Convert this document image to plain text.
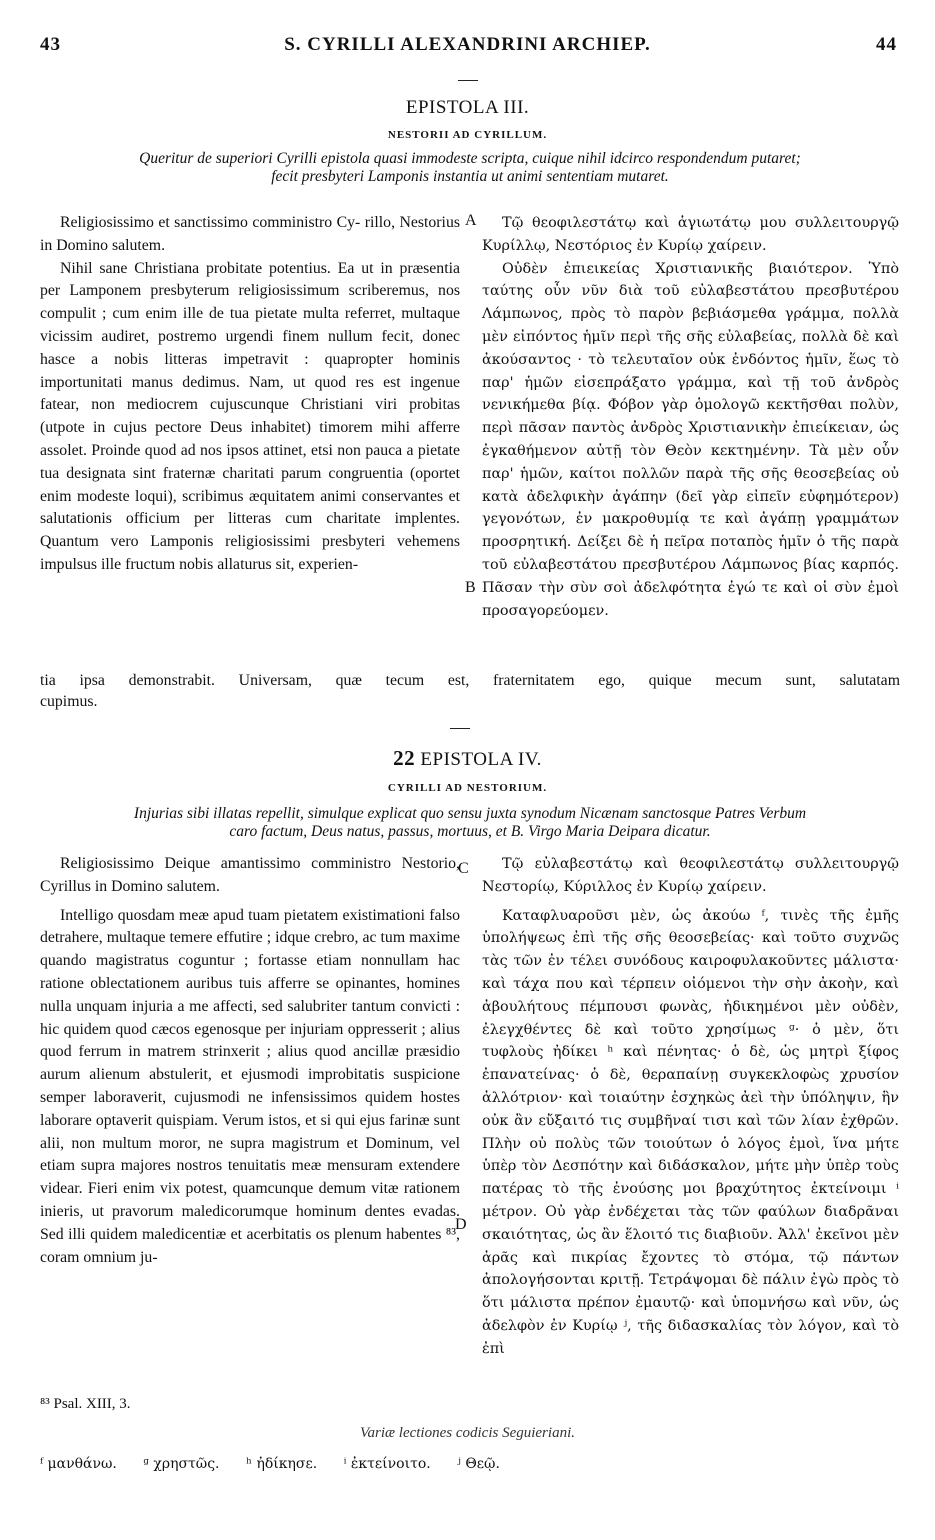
43	S. CYRILLI ALEXANDRINI ARCHIEP.	44
EPISTOLA III.
NESTORII AD CYRILLUM.
Queritur de superiori Cyrilli epistola quasi immodeste scripta, cuique nihil idcirco respondendum putaret;
fecit presbyteri Lamponis instantia ut animi sententiam mutaret.

Religiosissimo et sanctissimo comministro Cy- rillo, Nestorius in Domino salutem.

Nihil sane Christiana probitate potentius. Ea ut in præsentia per Lamponem presbyterum religiosissimum scriberemus, nos compulit ; cum enim ille de tua pietate multa referret, multaque vicissim audiret, postremo urgendi finem nullum fecit, donec hasce a nobis litteras impetravit : quapropter hominis importunitati manus dedimus. Nam, ut quod res est ingenue fatear, non mediocrem cujuscunque Christiani viri probitas (utpote in cujus pectore Deus inhabitet) timorem mihi afferre assolet. Proinde quod ad nos ipsos attinet, etsi non pauca a pietate tua designata sint fraternæ charitati parum congruentia (oportet enim modeste loqui), scribimus æquitatem animi conservantes et salutationis officium per litteras cum charitate implentes. Quantum vero Lamponis religiosissimi presbyteri vehemens impulsus ille fructum nobis allaturus sit, experien-

A
B

Τῷ θεοφιλεστάτῳ καὶ ἁγιωτάτῳ μου συλλειτουργῷ Κυρίλλῳ, Νεστόριος ἐν Κυρίῳ χαίρειν.

Οὐδὲν ἐπιεικείας Χριστιανικῆς βιαιότερον. Ὑπὸ ταύτης οὖν νῦν διὰ τοῦ εὐλαβεστάτου πρεσβυτέρου Λάμπωνος, πρὸς τὸ παρὸν βεβιάσμεθα γράμμα, πολλὰ μὲν εἰπόντος ἡμῖν περὶ τῆς σῆς εὐλαβείας, πολλὰ δὲ καὶ ἀκούσαντος · τὸ τελευταῖον οὐκ ἐνδόντος ἡμῖν, ἕως τὸ παρ' ἡμῶν εἰσεπράξατο γράμμα, καὶ τῇ τοῦ ἀνδρὸς νενικήμεθα βίᾳ. Φόβον γὰρ ὁμολογῶ κεκτῆσθαι πολὺν, περὶ πᾶσαν παντὸς ἀνδρὸς Χριστιανικὴν ἐπιείκειαν, ὡς ἐγκαθήμενον αὐτῇ τὸν Θεὸν κεκτημένην. Τὰ μὲν οὖν παρ' ἡμῶν, καίτοι πολλῶν παρὰ τῆς σῆς θεοσεβείας οὐ κατὰ ἀδελφικὴν ἀγάπην (δεῖ γὰρ εἰπεῖν εὐφημότερον) γεγονότων, ἐν μακροθυμίᾳ τε καὶ ἀγάπῃ γραμμάτων προσρητική. Δείξει δὲ ἡ πεῖρα ποταπὸς ἡμῖν ὁ τῆς παρὰ τοῦ εὐλαβεστάτου πρεσβυτέρου Λάμπωνος βίας καρπός. Πᾶσαν τὴν σὺν σοὶ ἀδελφότητα ἐγώ τε καὶ οἱ σὺν ἐμοὶ προσαγορεύομεν.

tia ipsa demonstrabit. Universam, quæ tecum est, fraternitatem ego, quique mecum sunt, salutatam
cupimus.
22 EPISTOLA IV.
CYRILLI AD NESTORIUM.
Injurias sibi illatas repellit, simulque explicat quo sensu juxta synodum Nicænam sanctosque Patres Verbum
caro factum, Deus natus, passus, mortuus, et B. Virgo Maria Deipara dicatur.

Religiosissimo Deique amantissimo comministro Nestorio, Cyrillus in Domino salutem.

Intelligo quosdam meæ apud tuam pietatem existimationi falso detrahere, multaque temere effutire ; idque crebro, ac tum maxime quando magistratus coguntur ; fortasse etiam nonnullam hac ratione oblectationem auribus tuis afferre se opinantes, homines nulla unquam injuria a me affecti, sed salubriter tantum convicti : hic quidem quod cæcos egenosque per injuriam oppresserit ; alius quod ferrum in matrem strinxerit ; alius quod ancillæ præsidio aurum alienum abstulerit, et ejusmodi improbitatis suspicione semper laboraverit, cujusmodi ne infensissimos quidem hostes laborare optaverit quispiam. Verum istos, et si qui ejus farinæ sunt alii, non multum moror, ne supra magistrum et Dominum, vel etiam supra majores nostros tenuitatis meæ mensuram extendere videar. Fieri enim vix potest, quamcunque demum vitæ rationem inieris, ut pravorum maledicorumque hominum dentes evadas. Sed illi quidem maledicentiæ et acerbitatis os plenum habentes ⁸³, coram omnium ju-

C
D

Τῷ εὐλαβεστάτῳ καὶ θεοφιλεστάτῳ συλλειτουργῷ Νεστορίῳ, Κύριλλος ἐν Κυρίῳ χαίρειν.

Καταφλυαροῦσι μὲν, ὡς ἀκούω ᶠ, τινὲς τῆς ἐμῆς ὑπολήψεως ἐπὶ τῆς σῆς θεοσεβείας· καὶ τοῦτο συχνῶς τὰς τῶν ἐν τέλει συνόδους καιροφυλακοῦντες μάλιστα· καὶ τάχα που καὶ τέρπειν οἰόμενοι τὴν σὴν ἀκοὴν, καὶ ἀβουλήτους πέμπουσι φωνὰς, ἠδικημένοι μὲν οὐδὲν, ἐλεγχθέντες δὲ καὶ τοῦτο χρησίμως ᵍ· ὁ μὲν, ὅτι τυφλοὺς ἠδίκει ʰ καὶ πένητας· ὁ δὲ, ὡς μητρὶ ξίφος ἐπανατείνας· ὁ δὲ, θεραπαίνῃ συγκεκλοφὼς χρυσίον ἀλλότριον· καὶ τοιαύτην ἐσχηκὼς ἀεὶ τὴν ὑπόληψιν, ἣν οὐκ ἂν εὔξαιτό τις συμβῆναί τισι καὶ τῶν λίαν ἐχθρῶν. Πλὴν οὐ πολὺς τῶν τοιούτων ὁ λόγος ἐμοὶ, ἵνα μήτε ὑπὲρ τὸν Δεσπότην καὶ διδάσκαλον, μήτε μὴν ὑπὲρ τοὺς πατέρας τὸ τῆς ἐνούσης μοι βραχύτητος ἐκτείνοιμι ⁱ μέτρον. Οὐ γὰρ ἐνδέχεται τὰς τῶν φαύλων διαδρᾶναι σκαιότητας, ὡς ἂν ἕλοιτό τις διαβιοῦν. Ἀλλ' ἐκεῖνοι μὲν ἀρᾶς καὶ πικρίας ἔχοντες τὸ στόμα, τῷ πάντων ἀπολογήσονται κριτῇ. Τετράψομαι δὲ πάλιν ἐγὼ πρὸς τὸ ὅτι μάλιστα πρέπον ἐμαυτῷ· καὶ ὑπομνήσω καὶ νῦν, ὡς ἀδελφὸν ἐν Κυρίῳ ʲ, τῆς διδασκαλίας τὸν λόγον, καὶ τὸ ἐπὶ

⁸³ Psal. XIII, 3.
Variæ lectiones codicis Seguieriani.
ᶠ μανθάνω. ᵍ χρηστῶς. ʰ ἠδίκησε. ⁱ ἐκτείνοιτο. ʲ Θεῷ.
